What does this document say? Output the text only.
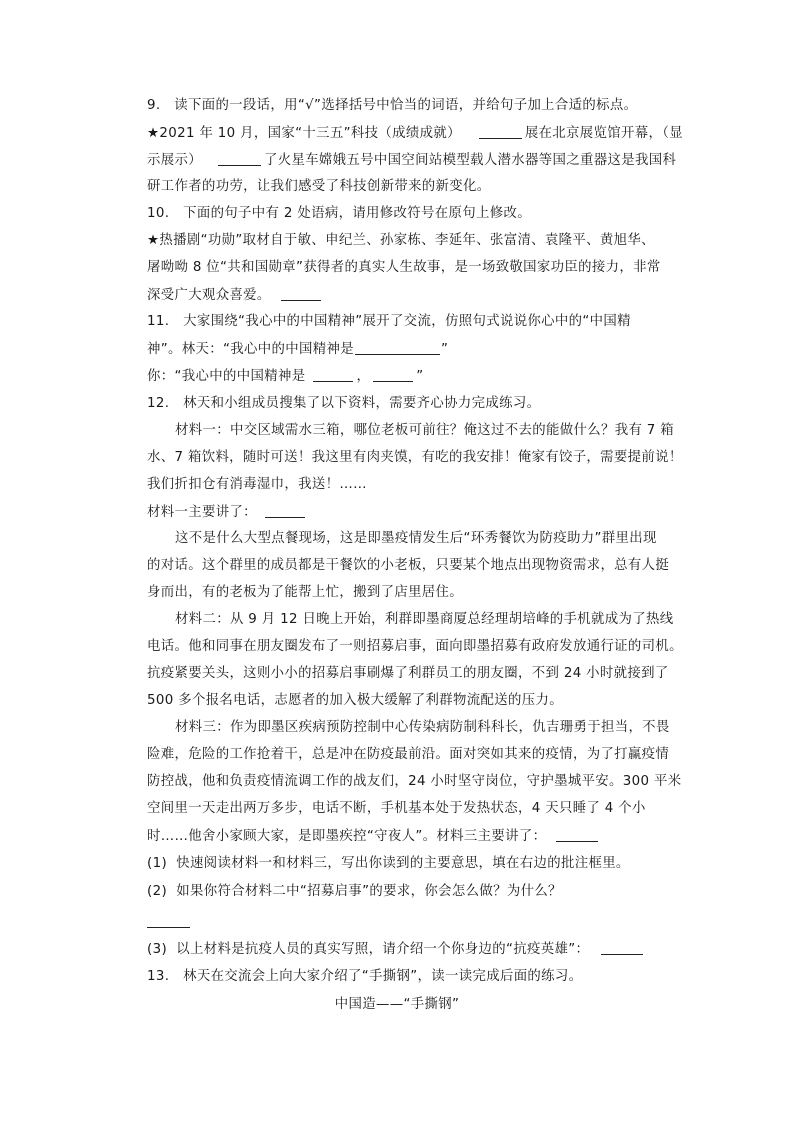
9.　读下面的一段话，用“√”选择括号中恰当的词语，并给句子加上合适的标点。
★2021 年 10 月，国家“十三五”科技（成绩成就）	展在北京展览馆开幕，（显
示展示）	了火星车嫦娥五号中国空间站模型载人潜水器等国之重器这是我国科
研工作者的功劳，让我们感受了科技创新带来的新变化。
10.　下面的句子中有 2 处语病，请用修改符号在原句上修改。
★热播剧“功勋”取材自于敏、申纪兰、孙家栋、李延年、张富清、袁隆平、黄旭华、
屠呦呦 8 位“共和国勋章”获得者的真实人生故事，是一场致敬国家功臣的接力，非常
深受广大观众喜爱。
11.　大家围绕“我心中的中国精神”展开了交流，仿照句式说说你心中的“中国精
神”。林天：“我心中的中国精神是	”
你：“我心中的中国精神是	，	”
12.　林天和小组成员搜集了以下资料，需要齐心协力完成练习。
材料一：中交区域需水三箱，哪位老板可前往？俺这过不去的能做什么？我有 7 箱
水、7 箱饮料，随时可送！我这里有肉夹馍，有吃的我安排！俺家有饺子，需要提前说！
我们折扣仓有消毒湿巾，我送！……
材料一主要讲了：
这不是什么大型点餐现场，这是即墨疫情发生后“环秀餐饮为防疫助力”群里出现
的对话。这个群里的成员都是干餐饮的小老板，只要某个地点出现物资需求，总有人挺
身而出，有的老板为了能帮上忙，搬到了店里居住。
材料二：从 9 月 12 日晚上开始，利群即墨商厦总经理胡培峰的手机就成为了热线
电话。他和同事在朋友圈发布了一则招募启事，面向即墨招募有政府发放通行证的司机。
抗疫紧要关头，这则小小的招募启事刷爆了利群员工的朋友圈，不到 24 小时就接到了
500 多个报名电话，志愿者的加入极大缓解了利群物流配送的压力。
材料三：作为即墨区疾病预防控制中心传染病防制科科长，仇吉珊勇于担当，不畏
险难，危险的工作抢着干，总是冲在防疫最前沿。面对突如其来的疫情，为了打赢疫情
防控战，他和负责疫情流调工作的战友们，24 小时坚守岗位，守护墨城平安。300 平米
空间里一天走出两万多步，电话不断，手机基本处于发热状态，4 天只睡了 4 个小
时……他舍小家顾大家，是即墨疾控“守夜人”。材料三主要讲了：
(1)  快速阅读材料一和材料三，写出你读到的主要意思，填在右边的批注框里。
(2)  如果你符合材料二中“招募启事”的要求，你会怎么做？为什么？
(3)  以上材料是抗疫人员的真实写照，请介绍一个你身边的“抗疫英雄”：
13.　林天在交流会上向大家介绍了“手撕钢”，读一读完成后面的练习。
中国造——“手撕钢”
